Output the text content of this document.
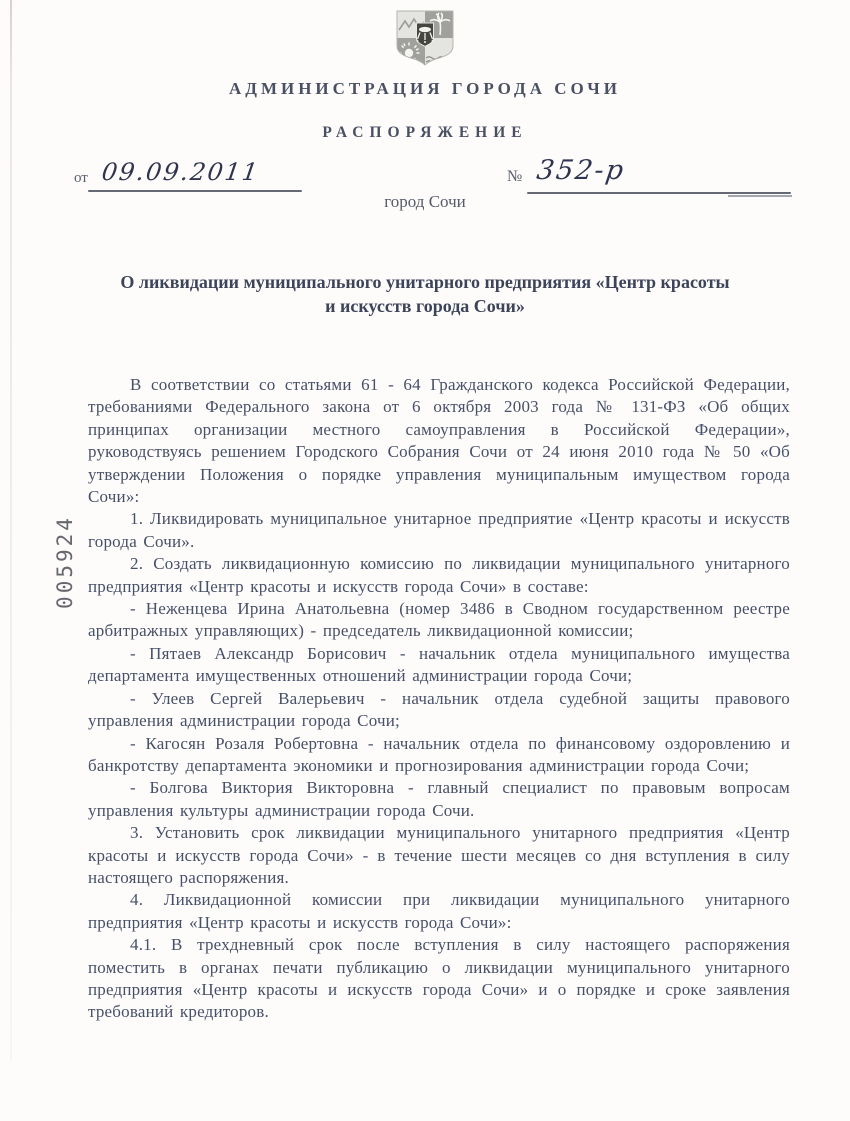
АДМИНИСТРАЦИЯ ГОРОДА СОЧИ
РАСПОРЯЖЕНИЕ
от 09.09.2011	№ 352-р
город Сочи
О ликвидации муниципального унитарного предприятия «Центр красоты
и искусств города Сочи»
005924

В соответствии со статьями 61 - 64 Гражданского кодекса Российской Федерации, требованиями Федерального закона от 6 октября 2003 года № 131-ФЗ «Об общих принципах организации местного самоуправления в Российской Федерации», руководствуясь решением Городского Собрания Сочи от 24 июня 2010 года № 50 «Об утверждении Положения о порядке управления муниципальным имуществом города Сочи»:

1. Ликвидировать муниципальное унитарное предприятие «Центр красоты и искусств города Сочи».

2. Создать ликвидационную комиссию по ликвидации муниципального унитарного предприятия «Центр красоты и искусств города Сочи» в составе:

- Неженцева Ирина Анатольевна (номер 3486 в Сводном государственном реестре арбитражных управляющих) - председатель ликвидационной комиссии;

- Пятаев Александр Борисович - начальник отдела муниципального имущества департамента имущественных отношений администрации города Сочи;

- Улеев Сергей Валерьевич - начальник отдела судебной защиты правового управления администрации города Сочи;

- Кагосян Розаля Робертовна - начальник отдела по финансовому оздоровлению и банкротству департамента экономики и прогнозирования администрации города Сочи;

- Болгова Виктория Викторовна - главный специалист по правовым вопросам управления культуры администрации города Сочи.

3. Установить срок ликвидации муниципального унитарного предприятия «Центр красоты и искусств города Сочи» - в течение шести месяцев со дня вступления в силу настоящего распоряжения.

4. Ликвидационной комиссии при ликвидации муниципального унитарного предприятия «Центр красоты и искусств города Сочи»:

4.1. В трехдневный срок после вступления в силу настоящего распоряжения поместить в органах печати публикацию о ликвидации муниципального унитарного предприятия «Центр красоты и искусств города Сочи» и о порядке и сроке заявления требований кредиторов.
